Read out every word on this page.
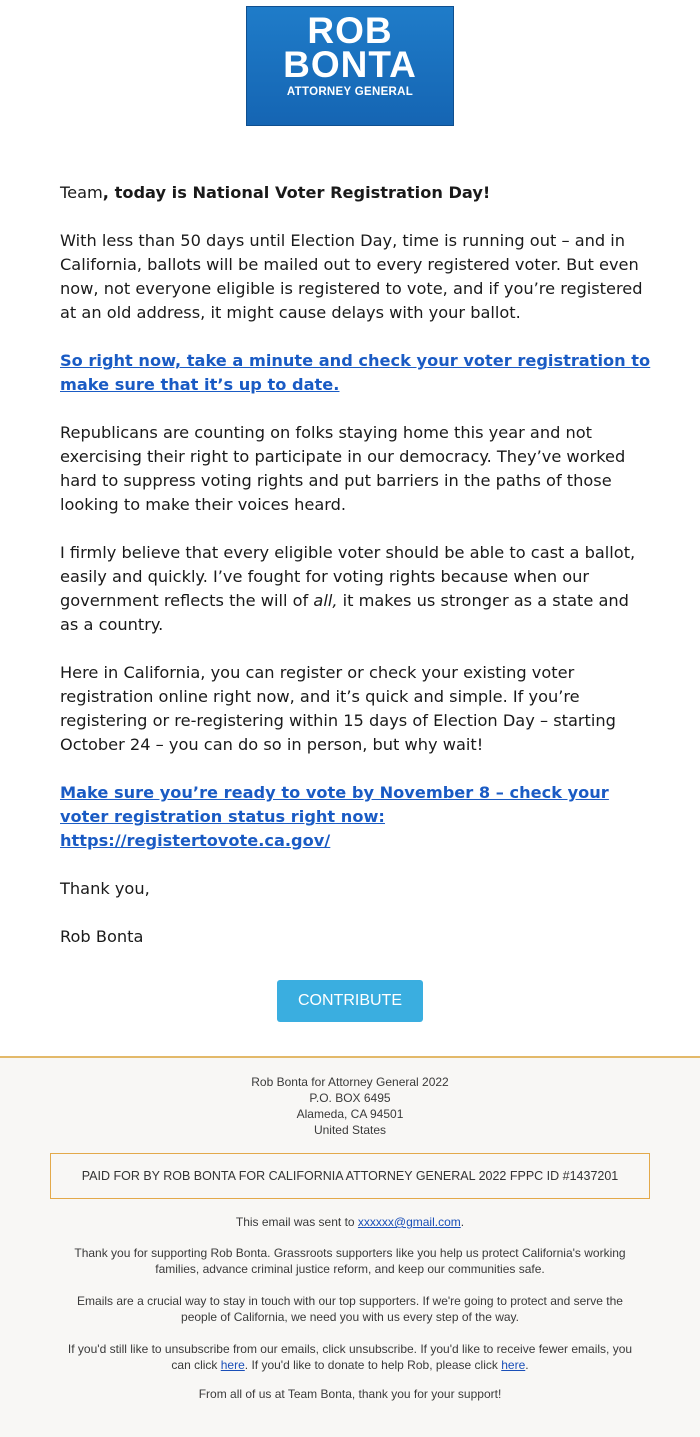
ROB
BONTA
ATTORNEY GENERAL

Team, today is National Voter Registration Day!

With less than 50 days until Election Day, time is running out – and in California, ballots will be mailed out to every registered voter. But even now, not everyone eligible is registered to vote, and if you’re registered at an old address, it might cause delays with your ballot.

So right now, take a minute and check your voter registration to make sure that it’s up to date.

Republicans are counting on folks staying home this year and not exercising their right to participate in our democracy. They’ve worked hard to suppress voting rights and put barriers in the paths of those looking to make their voices heard.

I firmly believe that every eligible voter should be able to cast a ballot, easily and quickly. I’ve fought for voting rights because when our government reflects the will of all, it makes us stronger as a state and as a country.

Here in California, you can register or check your existing voter registration online right now, and it’s quick and simple. If you’re registering or re-registering within 15 days of Election Day – starting October 24 – you can do so in person, but why wait!

Make sure you’re ready to vote by November 8 – check your voter registration status right now:
https://registertovote.ca.gov/

Thank you,

Rob Bonta

CONTRIBUTE
Rob Bonta for Attorney General 2022
P.O. BOX 6495
Alameda, CA 94501
United States
PAID FOR BY ROB BONTA FOR CALIFORNIA ATTORNEY GENERAL 2022 FPPC ID #1437201
This email was sent to xxxxxx@gmail.com.
Thank you for supporting Rob Bonta. Grassroots supporters like you help us protect California's working families, advance criminal justice reform, and keep our communities safe.
Emails are a crucial way to stay in touch with our top supporters. If we're going to protect and serve the people of California, we need you with us every step of the way.
If you'd still like to unsubscribe from our emails, click unsubscribe. If you'd like to receive fewer emails, you can click here. If you'd like to donate to help Rob, please click here.
From all of us at Team Bonta, thank you for your support!
